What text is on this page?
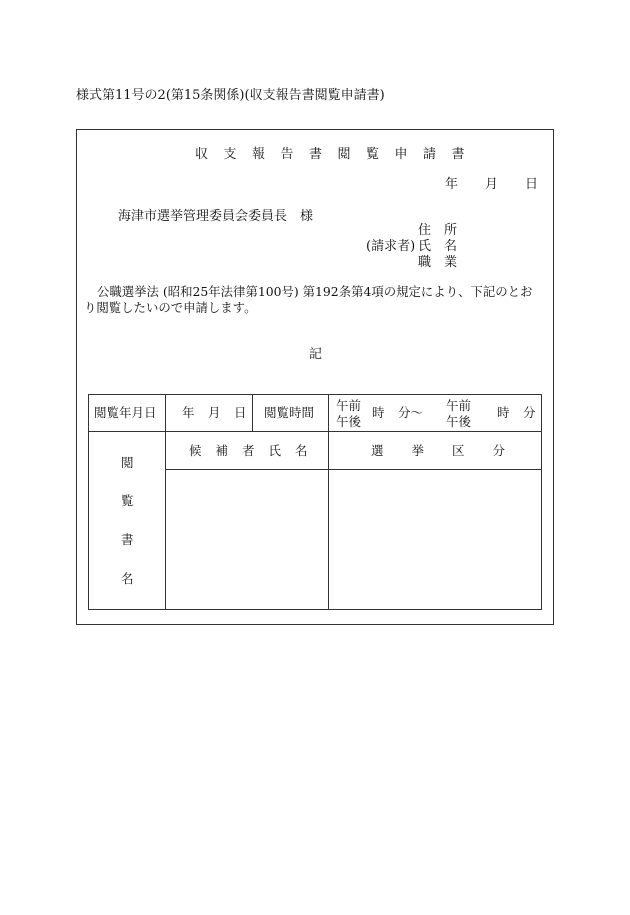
様式第11号の2(第15条関係)(収支報告書閲覧申請書)
収支報告書閲覧申請書
年 月 日
海津市選挙管理委員会委員長　様
住　所
(請求者) 氏　名
職　業
公職選挙法 (昭和25年法律第100号) 第192条第4項の規定により、下記のとお
り閲覧したいので申請します。
記
閲覧年月日 年 月 日 閲覧時間 午前
午後
時 分〜 午前
午後
時 分
閲
覧
書
名
候補者氏名	選挙区分
